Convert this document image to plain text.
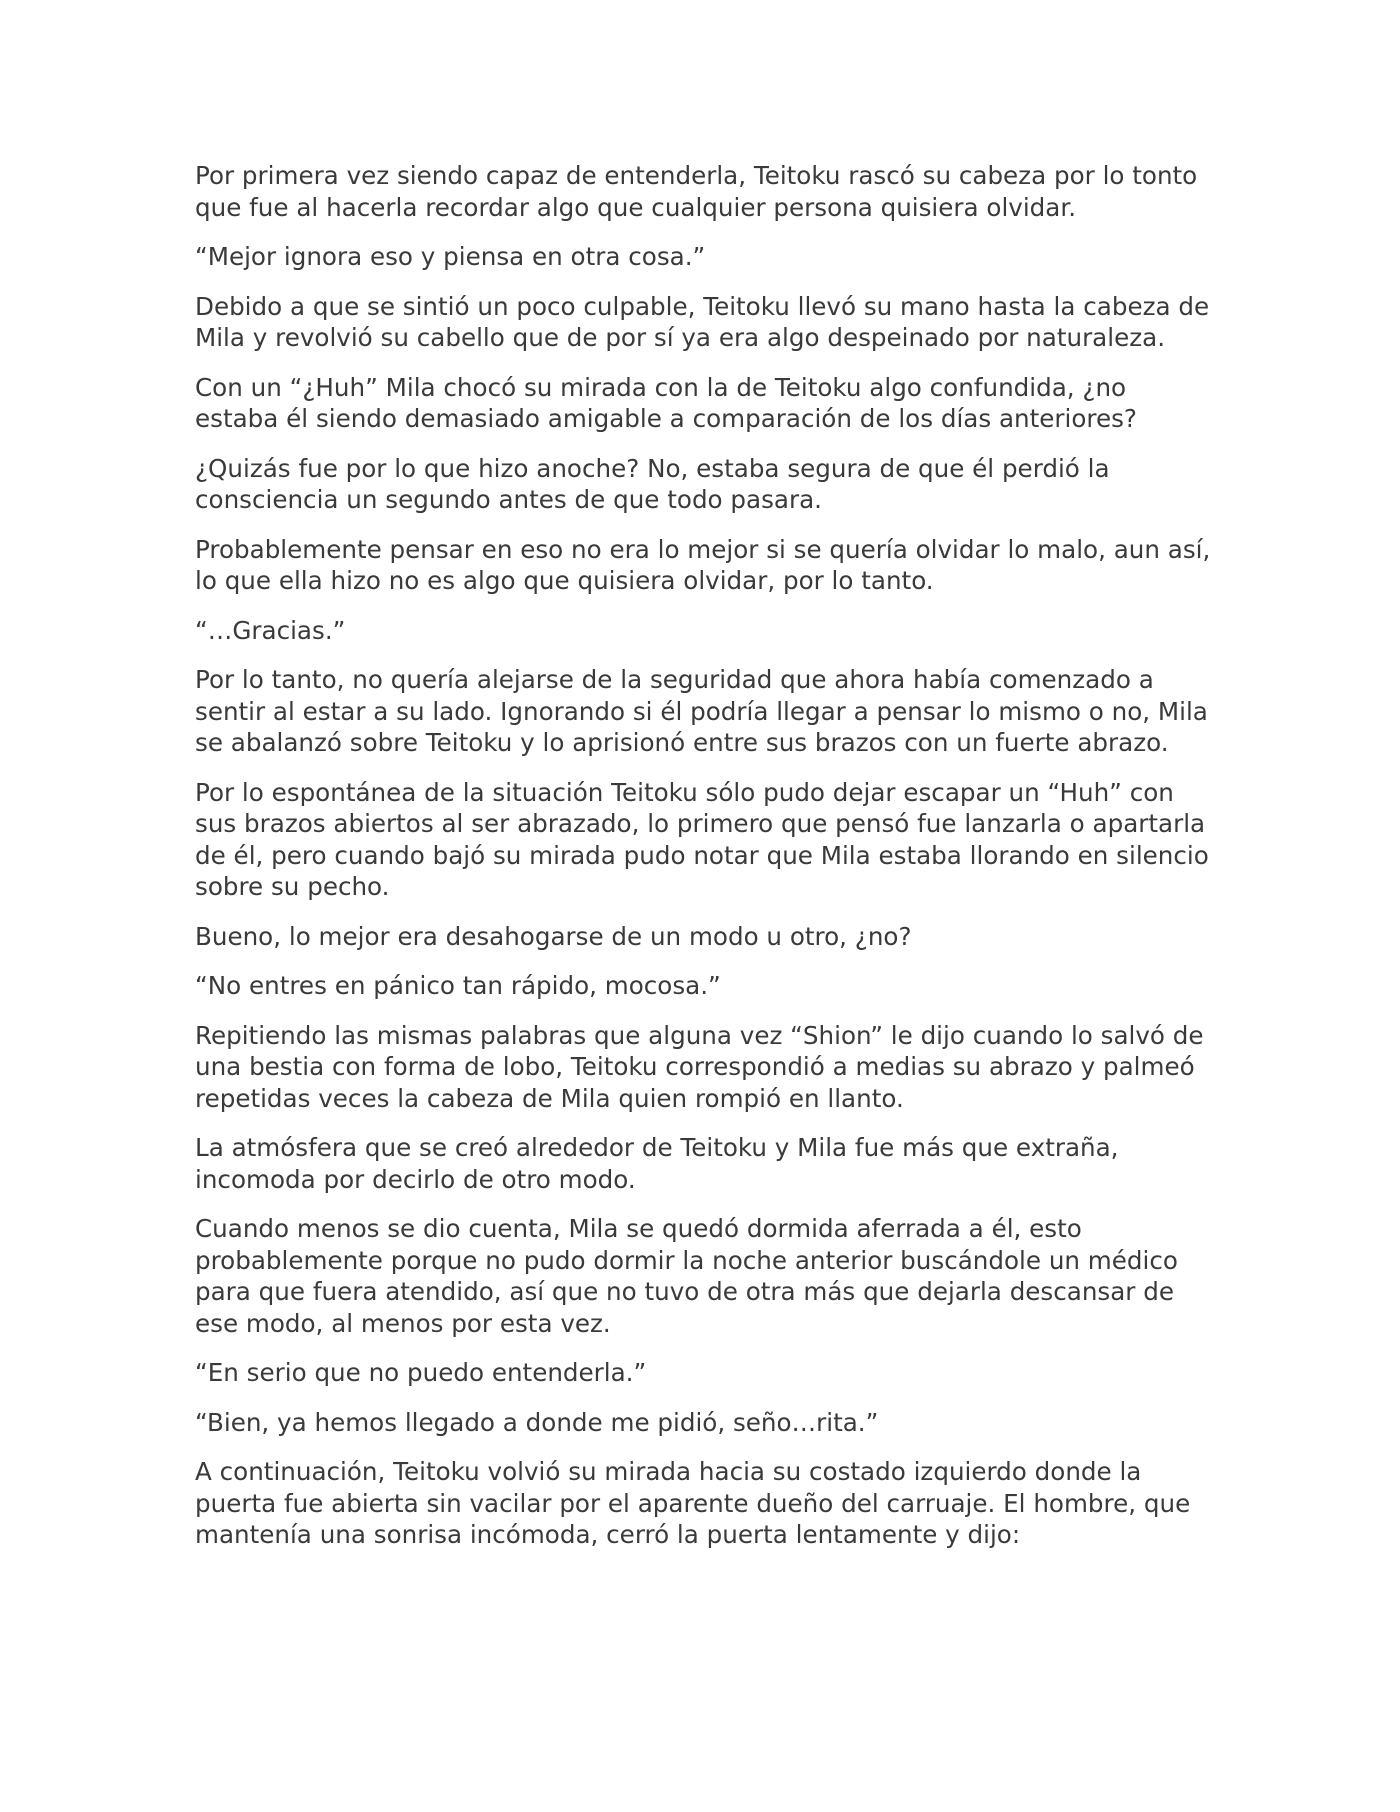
Por primera vez siendo capaz de entenderla, Teitoku rascó su cabeza por lo tonto que fue al hacerla recordar algo que cualquier persona quisiera olvidar.

“Mejor ignora eso y piensa en otra cosa.”

Debido a que se sintió un poco culpable, Teitoku llevó su mano hasta la cabeza de Mila y revolvió su cabello que de por sí ya era algo despeinado por naturaleza.

Con un “¿Huh” Mila chocó su mirada con la de Teitoku algo confundida, ¿no estaba él siendo demasiado amigable a comparación de los días anteriores?

¿Quizás fue por lo que hizo anoche? No, estaba segura de que él perdió la consciencia un segundo antes de que todo pasara.

Probablemente pensar en eso no era lo mejor si se quería olvidar lo malo, aun así, lo que ella hizo no es algo que quisiera olvidar, por lo tanto.

“…Gracias.”

Por lo tanto, no quería alejarse de la seguridad que ahora había comenzado a sentir al estar a su lado. Ignorando si él podría llegar a pensar lo mismo o no, Mila se abalanzó sobre Teitoku y lo aprisionó entre sus brazos con un fuerte abrazo.

Por lo espontánea de la situación Teitoku sólo pudo dejar escapar un “Huh” con sus brazos abiertos al ser abrazado, lo primero que pensó fue lanzarla o apartarla de él, pero cuando bajó su mirada pudo notar que Mila estaba llorando en silencio sobre su pecho.

Bueno, lo mejor era desahogarse de un modo u otro, ¿no?

“No entres en pánico tan rápido, mocosa.”

Repitiendo las mismas palabras que alguna vez “Shion” le dijo cuando lo salvó de una bestia con forma de lobo, Teitoku correspondió a medias su abrazo y palmeó repetidas veces la cabeza de Mila quien rompió en llanto.

La atmósfera que se creó alrededor de Teitoku y Mila fue más que extraña, incomoda por decirlo de otro modo.

Cuando menos se dio cuenta, Mila se quedó dormida aferrada a él, esto probablemente porque no pudo dormir la noche anterior buscándole un médico para que fuera atendido, así que no tuvo de otra más que dejarla descansar de ese modo, al menos por esta vez.

“En serio que no puedo entenderla.”

“Bien, ya hemos llegado a donde me pidió, seño…rita.”

A continuación, Teitoku volvió su mirada hacia su costado izquierdo donde la puerta fue abierta sin vacilar por el aparente dueño del carruaje. El hombre, que mantenía una sonrisa incómoda, cerró la puerta lentamente y dijo:
